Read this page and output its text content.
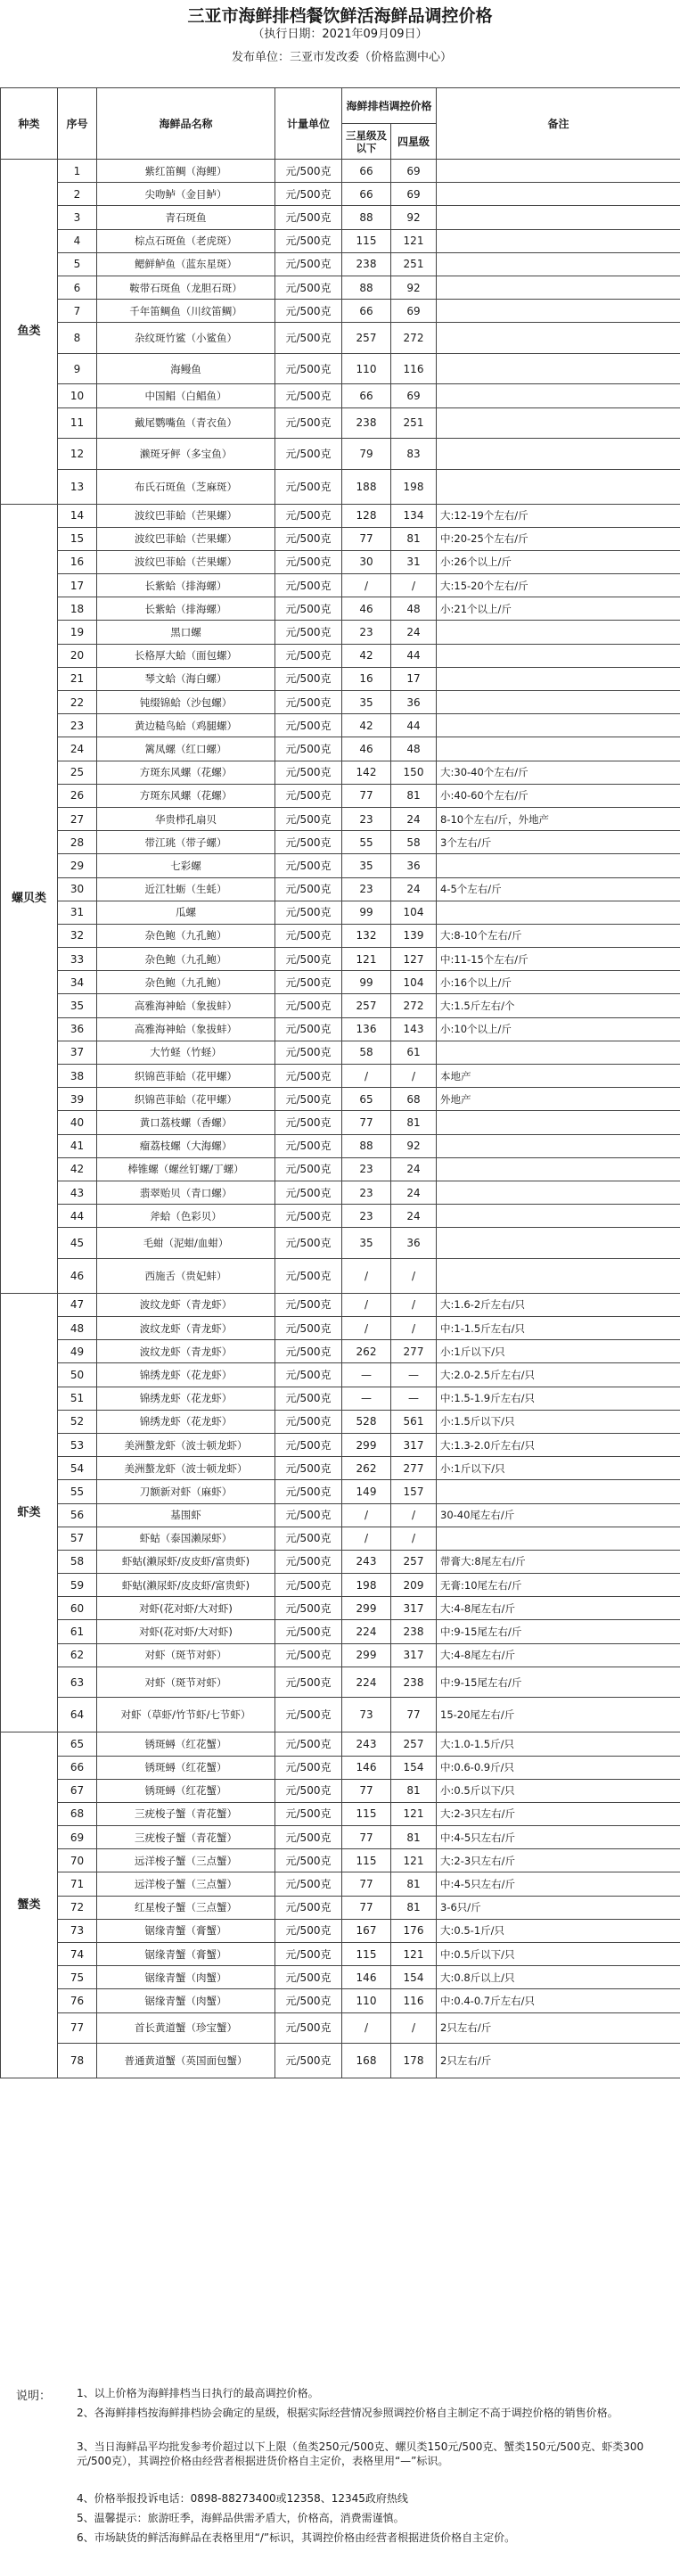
三亚市海鲜排档餐饮鲜活海鲜品调控价格
（执行日期：2021年09月09日）
发布单位：三亚市发改委（价格监测中心）
种类	序号	海鲜品名称	计量单位	海鲜排档调控价格		备注
				三星级及以下	四星级	
鱼类	1	紫红笛鲷（海鲤）	元/500克	66	69	
	2	尖吻鲈（金目鲈）	元/500克	66	69	
	3	青石斑鱼	元/500克	88	92	
	4	棕点石斑鱼（老虎斑）	元/500克	115	121	
	5	鳃鲜鲈鱼（蓝东星斑）	元/500克	238	251	
	6	鞍带石斑鱼（龙胆石斑）	元/500克	88	92	
	7	千年笛鲷鱼（川纹笛鲷）	元/500克	66	69	
	8	杂纹斑竹鲨（小鲨鱼）	元/500克	257	272	
	9	海鳗鱼	元/500克	110	116	
	10	中国鲳（白鲳鱼）	元/500克	66	69	
	11	戴尾鹦嘴鱼（青衣鱼）	元/500克	238	251	
	12	濑斑牙鲆（多宝鱼）	元/500克	79	83	
	13	布氏石斑鱼（芝麻斑）	元/500克	188	198	
螺贝类	14	波纹巴菲蛤（芒果螺）	元/500克	128	134	大:12-19个左右/斤
	15	波纹巴菲蛤（芒果螺）	元/500克	77	81	中:20-25个左右/斤
	16	波纹巴菲蛤（芒果螺）	元/500克	30	31	小:26个以上/斤
	17	长紫蛤（排海螺）	元/500克	/	/	大:15-20个左右/斤
	18	长紫蛤（排海螺）	元/500克	46	48	小:21个以上/斤
	19	黑口螺	元/500克	23	24	
	20	长格厚大蛤（面包螺）	元/500克	42	44	
	21	琴文蛤（海白螺）	元/500克	16	17	
	22	钝缀锦蛤（沙包螺）	元/500克	35	36	
	23	黄边糙鸟蛤（鸡腿螺）	元/500克	42	44	
	24	篱凤螺（红口螺）	元/500克	46	48	
	25	方斑东风螺（花螺）	元/500克	142	150	大:30-40个左右/斤
	26	方斑东风螺（花螺）	元/500克	77	81	小:40-60个左右/斤
	27	华贵栉孔扇贝	元/500克	23	24	8-10个左右/斤，外地产
	28	带江珧（带子螺）	元/500克	55	58	3个左右/斤
	29	七彩螺	元/500克	35	36	
	30	近江牡蛎（生蚝）	元/500克	23	24	4-5个左右/斤
	31	瓜螺	元/500克	99	104	
	32	杂色鲍（九孔鲍）	元/500克	132	139	大:8-10个左右/斤
	33	杂色鲍（九孔鲍）	元/500克	121	127	中:11-15个左右/斤
	34	杂色鲍（九孔鲍）	元/500克	99	104	小:16个以上/斤
	35	高雅海神蛤（象拔蚌）	元/500克	257	272	大:1.5斤左右/个
	36	高雅海神蛤（象拔蚌）	元/500克	136	143	小:10个以上/斤
	37	大竹蛏（竹蛏）	元/500克	58	61	
	38	织锦芭菲蛤（花甲螺）	元/500克	/	/	本地产
	39	织锦芭菲蛤（花甲螺）	元/500克	65	68	外地产
	40	黄口荔枝螺（香螺）	元/500克	77	81	
	41	瘤荔枝螺（大海螺）	元/500克	88	92	
	42	棒锥螺（螺丝钉螺/丁螺）	元/500克	23	24	
	43	翡翠贻贝（青口螺）	元/500克	23	24	
	44	斧蛤（色彩贝）	元/500克	23	24	
	45	毛蚶（泥蚶/血蚶）	元/500克	35	36	
	46	西施舌（贵妃蚌）	元/500克	/	/	
虾类	47	波纹龙虾（青龙虾）	元/500克	/	/	大:1.6-2斤左右/只
	48	波纹龙虾（青龙虾）	元/500克	/	/	中:1-1.5斤左右/只
	49	波纹龙虾（青龙虾）	元/500克	262	277	小:1斤以下/只
	50	锦绣龙虾（花龙虾）	元/500克	—	—	大:2.0-2.5斤左右/只
	51	锦绣龙虾（花龙虾）	元/500克	—	—	中:1.5-1.9斤左右/只
	52	锦绣龙虾（花龙虾）	元/500克	528	561	小:1.5斤以下/只
	53	美洲螯龙虾（波士顿龙虾）	元/500克	299	317	大:1.3-2.0斤左右/只
	54	美洲螯龙虾（波士顿龙虾）	元/500克	262	277	小:1斤以下/只
	55	刀额新对虾（麻虾）	元/500克	149	157	
	56	基围虾	元/500克	/	/	30-40尾左右/斤
	57	虾蛄（泰国濑尿虾）	元/500克	/	/	
	58	虾蛄(濑尿虾/皮皮虾/富贵虾)	元/500克	243	257	带膏大:8尾左右/斤
	59	虾蛄(濑尿虾/皮皮虾/富贵虾)	元/500克	198	209	无膏:10尾左右/斤
	60	对虾(花对虾/大对虾)	元/500克	299	317	大:4-8尾左右/斤
	61	对虾(花对虾/大对虾)	元/500克	224	238	中:9-15尾左右/斤
	62	对虾（斑节对虾）	元/500克	299	317	大:4-8尾左右/斤
	63	对虾（斑节对虾）	元/500克	224	238	中:9-15尾左右/斤
	64	对虾（草虾/竹节虾/七节虾）	元/500克	73	77	15-20尾左右/斤
蟹类	65	锈斑蟳（红花蟹）	元/500克	243	257	大:1.0-1.5斤/只
	66	锈斑蟳（红花蟹）	元/500克	146	154	中:0.6-0.9斤/只
	67	锈斑蟳（红花蟹）	元/500克	77	81	小:0.5斤以下/只
	68	三疣梭子蟹（青花蟹）	元/500克	115	121	大:2-3只左右/斤
	69	三疣梭子蟹（青花蟹）	元/500克	77	81	中:4-5只左右/斤
	70	远洋梭子蟹（三点蟹）	元/500克	115	121	大:2-3只左右/斤
	71	远洋梭子蟹（三点蟹）	元/500克	77	81	中:4-5只左右/斤
	72	红星梭子蟹（三点蟹）	元/500克	77	81	3-6只/斤
	73	锯缘青蟹（膏蟹）	元/500克	167	176	大:0.5-1斤/只
	74	锯缘青蟹（膏蟹）	元/500克	115	121	中:0.5斤以下/只
	75	锯缘青蟹（肉蟹）	元/500克	146	154	大:0.8斤以上/只
	76	锯缘青蟹（肉蟹）	元/500克	110	116	中:0.4-0.7斤左右/只
	77	首长黄道蟹（珍宝蟹）	元/500克	/	/	2只左右/斤
	78	普通黄道蟹（英国面包蟹）	元/500克	168	178	2只左右/斤
说明： 1、以上价格为海鲜排档当日执行的最高调控价格。
2、各海鲜排档按海鲜排档协会确定的星级，根据实际经营情况参照调控价格自主制定不高于调控价格的销售价格。
3、当日海鲜品平均批发参考价超过以下上限（鱼类250元/500克、螺贝类150元/500克、蟹类150元/500克、虾类300元/500克），其调控价格由经营者根据进货价格自主定价，表格里用“—”标识。
4、价格举报投诉电话：0898-88273400或12358、12345政府热线
5、温馨提示：旅游旺季，海鲜品供需矛盾大，价格高，消费需谨慎。
6、市场缺货的鲜活海鲜品在表格里用“/”标识，其调控价格由经营者根据进货价格自主定价。
